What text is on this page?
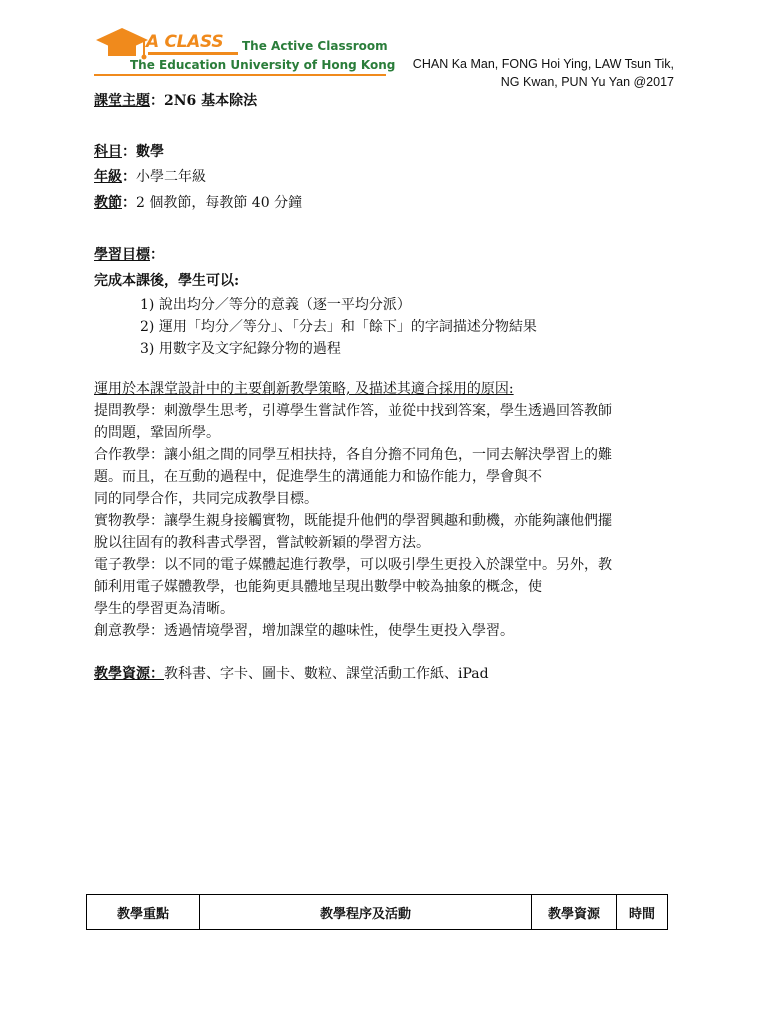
A CLASS The Active Classroom
The Education University of Hong Kong CHAN Ka Man, FONG Hoi Ying, LAW Tsun Tik,
NG Kwan, PUN Yu Yan @2017
課堂主題：2N6 基本除法
科目：數學
年級：小學二年級
教節：2 個教節，每教節 40 分鐘
學習目標：
完成本課後，學生可以:
1) 說出均分／等分的意義（逐一平均分派）
2) 運用「均分／等分」、「分去」和「餘下」的字詞描述分物結果
3) 用數字及文字紀錄分物的過程
運用於本課堂設計中的主要創新教學策略, 及描述其適合採用的原因:
提問教學：刺激學生思考，引導學生嘗試作答，並從中找到答案，學生透過回答教師
的問題，鞏固所學。
合作教學：讓小組之間的同學互相扶持，各自分擔不同角色，一同去解決學習上的難
題。而且，在互動的過程中，促進學生的溝通能力和協作能力，學會與不
同的同學合作，共同完成教學目標。
實物教學：讓學生親身接觸實物，既能提升他們的學習興趣和動機，亦能夠讓他們擺
脫以往固有的教科書式學習，嘗試較新穎的學習方法。
電子教學：以不同的電子媒體起進行教學，可以吸引學生更投入於課堂中。另外，教
師利用電子媒體教學，也能夠更具體地呈現出數學中較為抽象的概念，使
學生的學習更為清晰。
創意教學：透過情境學習，增加課堂的趣味性，使學生更投入學習。
教學資源：教科書、字卡、圖卡、數粒、課堂活動工作紙、iPad
教學重點	教學程序及活動	教學資源	時間
